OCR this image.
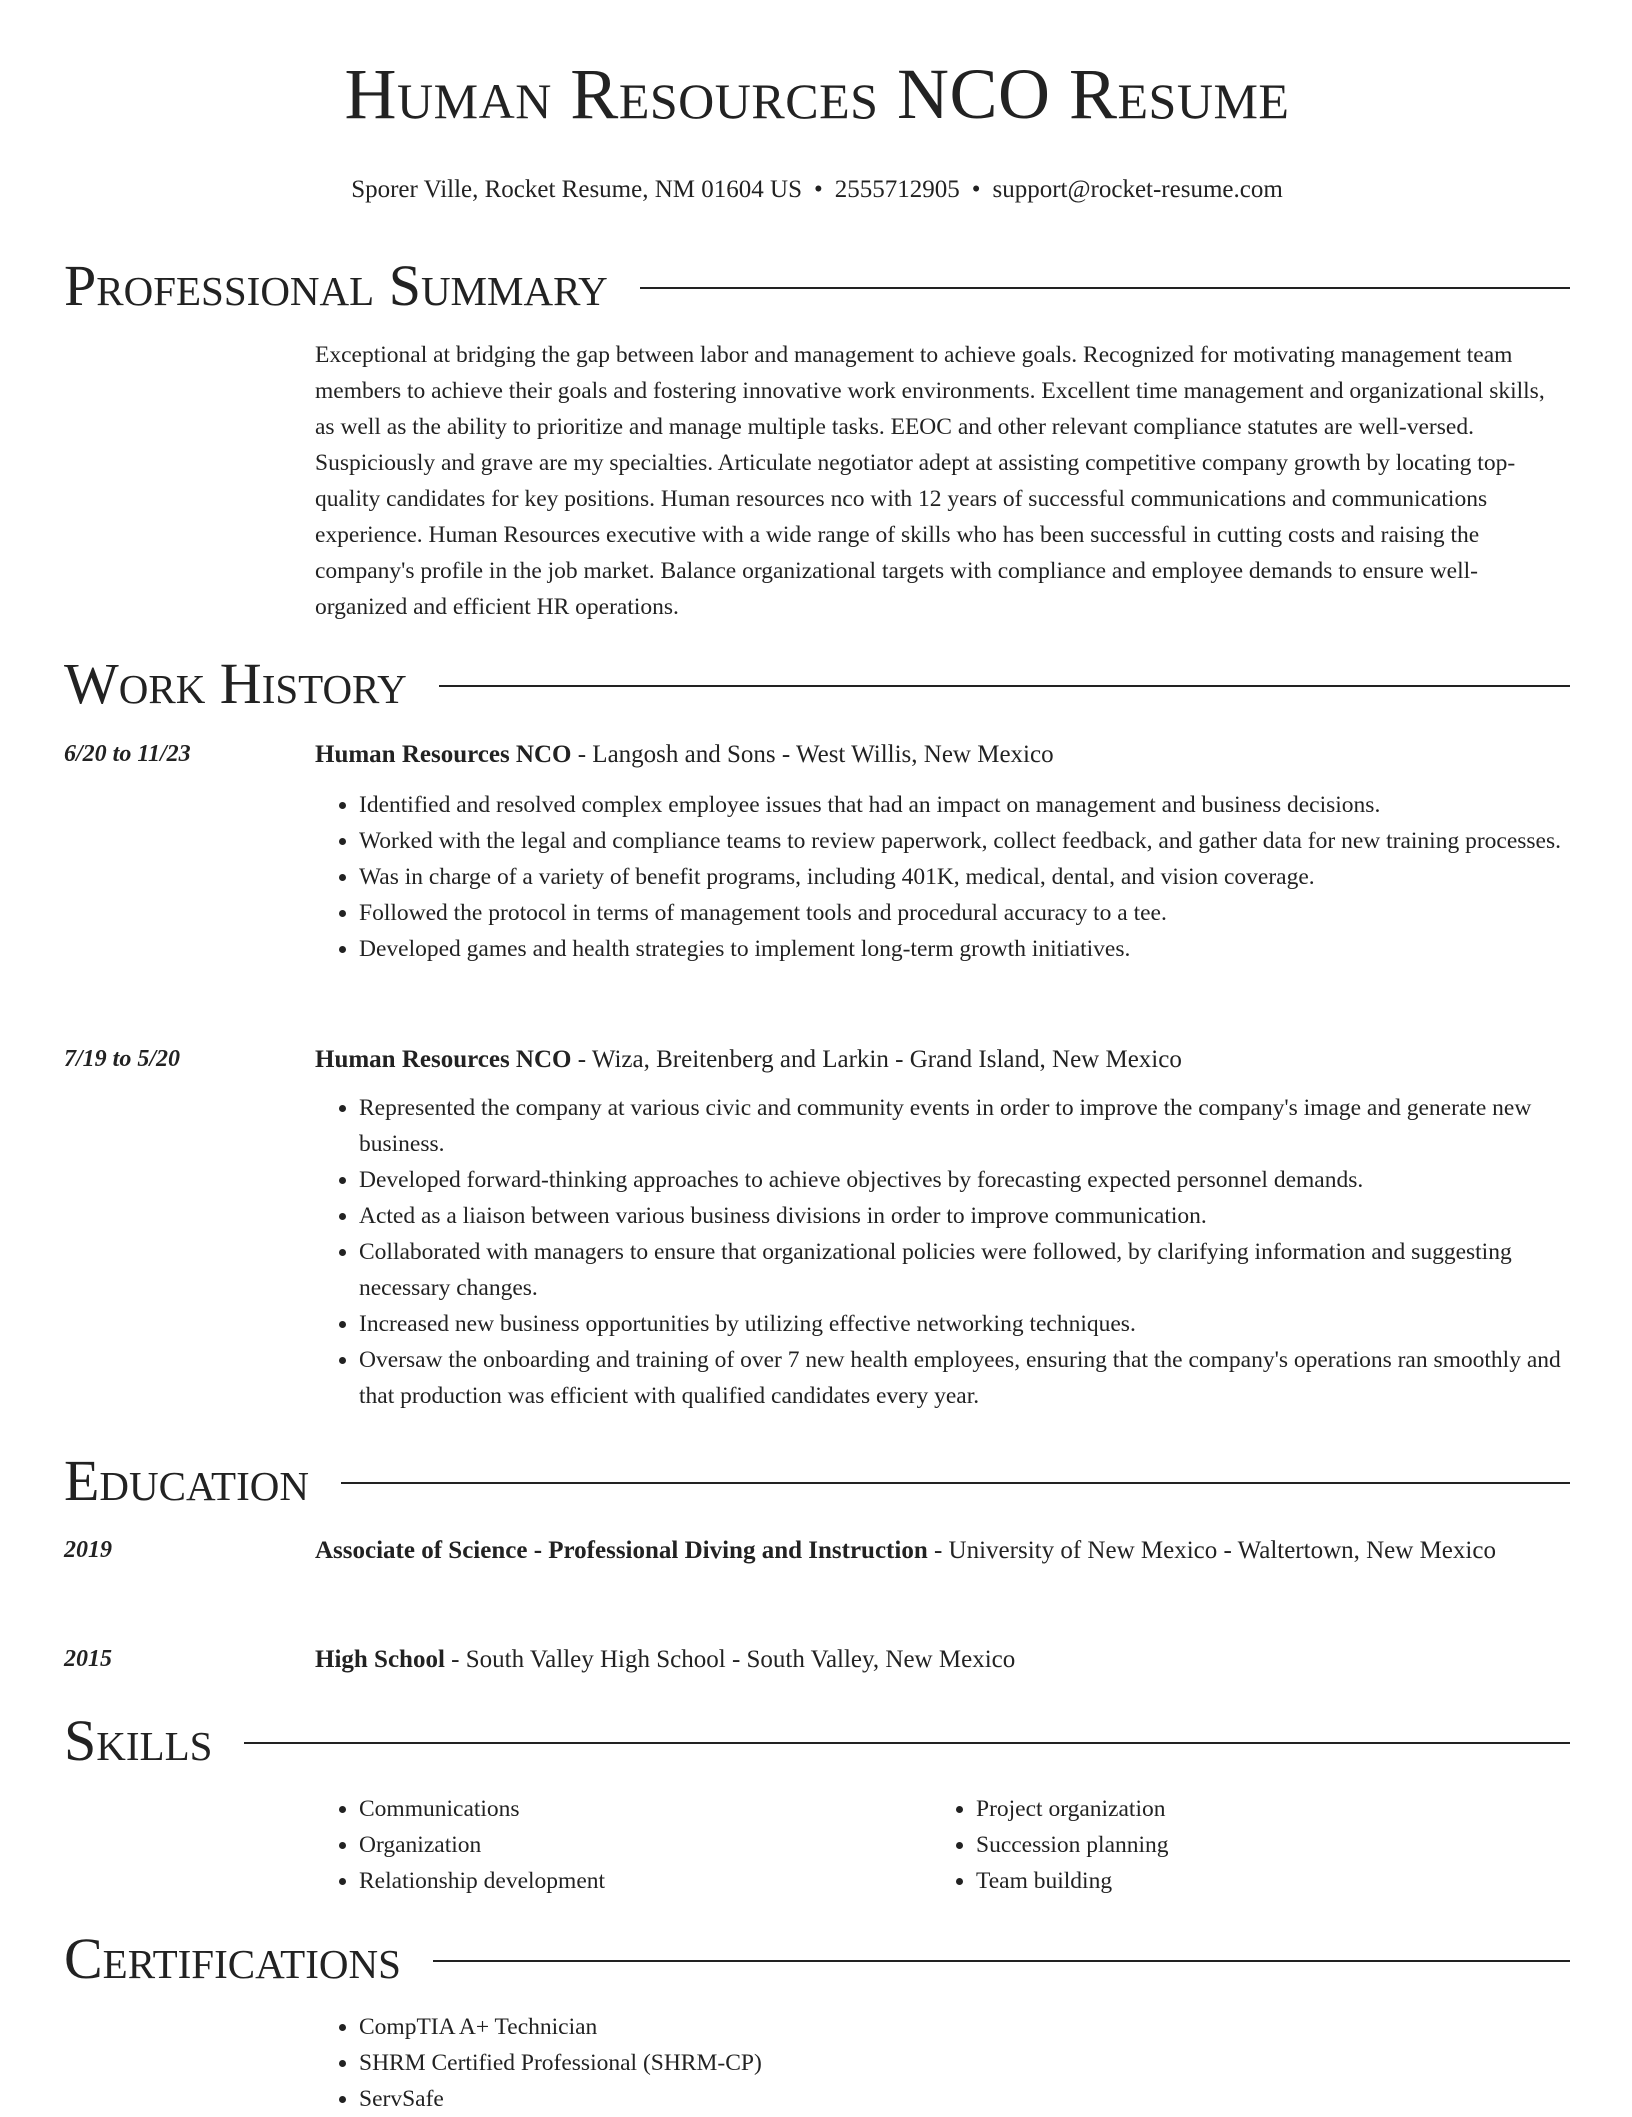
Human Resources NCO Resume
Sporer Ville, Rocket Resume, NM 01604 US • 2555712905 • support@rocket-resume.com
Professional Summary

Exceptional at bridging the gap between labor and management to achieve goals. Recognized for motivating management team members to achieve their goals and fostering innovative work environments. Excellent time management and organizational skills, as well as the ability to prioritize and manage multiple tasks. EEOC and other relevant compliance statutes are well-versed. Suspiciously and grave are my specialties. Articulate negotiator adept at assisting competitive company growth by locating top-quality candidates for key positions. Human resources nco with 12 years of successful communications and communications experience. Human Resources executive with a wide range of skills who has been successful in cutting costs and raising the company's profile in the job market. Balance organizational targets with compliance and employee demands to ensure well-organized and efficient HR operations.

Work History
6/20 to 11/23	Human Resources NCO - Langosh and Sons - West Willis, New Mexico
• Identified and resolved complex employee issues that had an impact on management and business decisions.
• Worked with the legal and compliance teams to review paperwork, collect feedback, and gather data for new training processes.
• Was in charge of a variety of benefit programs, including 401K, medical, dental, and vision coverage.
• Followed the protocol in terms of management tools and procedural accuracy to a tee.
• Developed games and health strategies to implement long-term growth initiatives.
7/19 to 5/20	Human Resources NCO - Wiza, Breitenberg and Larkin - Grand Island, New Mexico
• Represented the company at various civic and community events in order to improve the company's image and generate new business.
• Developed forward-thinking approaches to achieve objectives by forecasting expected personnel demands.
• Acted as a liaison between various business divisions in order to improve communication.
• Collaborated with managers to ensure that organizational policies were followed, by clarifying information and suggesting necessary changes.
• Increased new business opportunities by utilizing effective networking techniques.
• Oversaw the onboarding and training of over 7 new health employees, ensuring that the company's operations ran smoothly and that production was efficient with qualified candidates every year.
Education
2019	Associate of Science - Professional Diving and Instruction - University of New Mexico - Waltertown, New Mexico
2015	High School - South Valley High School - South Valley, New Mexico
Skills
• Communications
• Organization
• Relationship development
• Project organization
• Succession planning
• Team building
Certifications
• CompTIA A+ Technician
• SHRM Certified Professional (SHRM-CP)
• ServSafe
